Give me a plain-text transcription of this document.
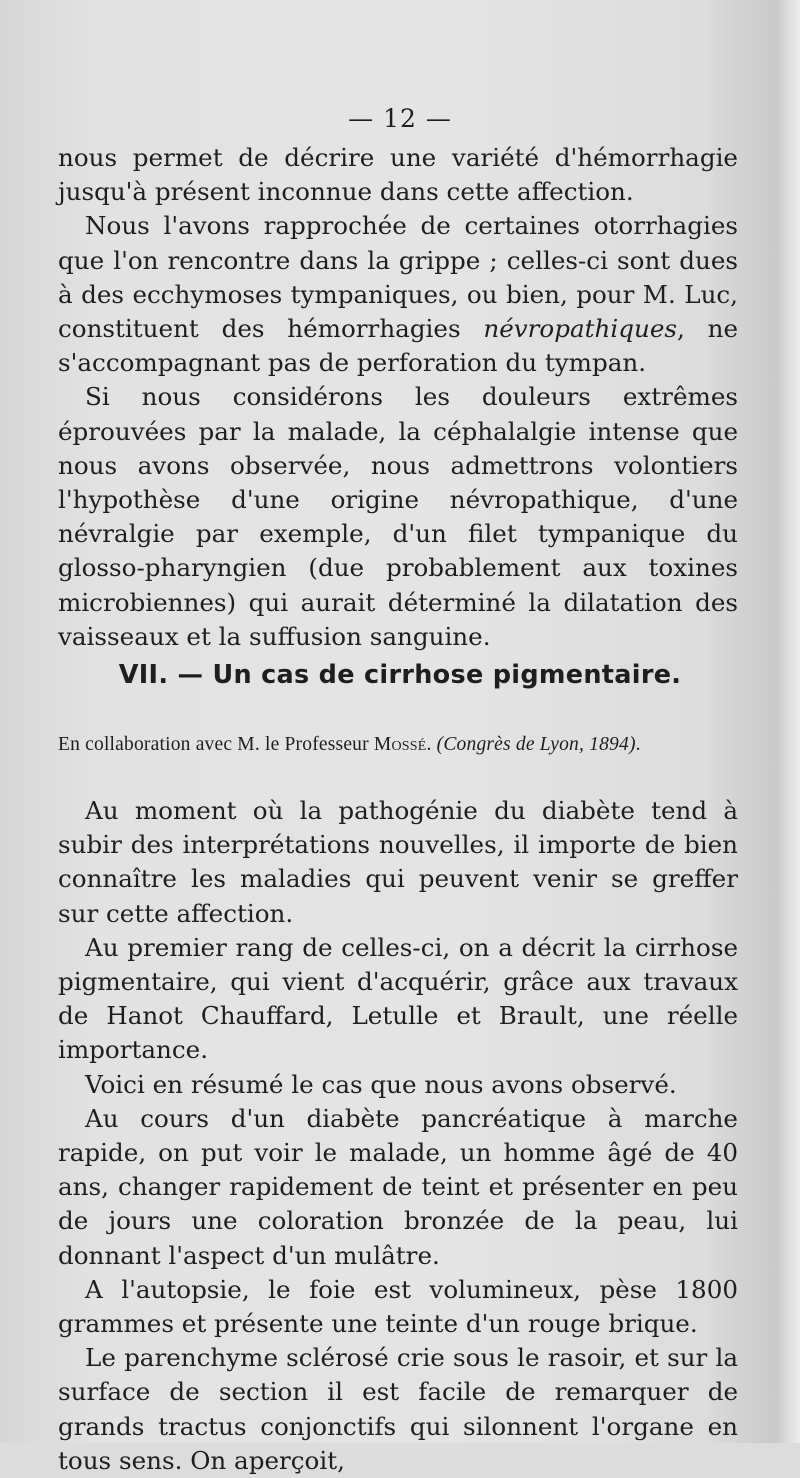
— 12 —

nous permet de décrire une variété d'hémorrhagie jusqu'à présent inconnue dans cette affection.

Nous l'avons rapprochée de certaines otorrhagies que l'on rencontre dans la grippe ; celles-ci sont dues à des ecchymoses tympaniques, ou bien, pour M. Luc, constituent des hémorrhagies névropathiques, ne s'accompagnant pas de perforation du tympan.

Si nous considérons les douleurs extrêmes éprouvées par la malade, la céphalalgie intense que nous avons observée, nous admettrons volontiers l'hypothèse d'une origine névropathique, d'une névralgie par exemple, d'un filet tympanique du glosso-pharyngien (due probablement aux toxines microbiennes) qui aurait déterminé la dilatation des vaisseaux et la suffusion sanguine.

VII. — Un cas de cirrhose pigmentaire.
En collaboration avec M. le Professeur Mossé. (Congrès de Lyon, 1894).

Au moment où la pathogénie du diabète tend à subir des interprétations nouvelles, il importe de bien connaître les maladies qui peuvent venir se greffer sur cette affection.

Au premier rang de celles-ci, on a décrit la cirrhose pigmentaire, qui vient d'acquérir, grâce aux travaux de Hanot Chauffard, Letulle et Brault, une réelle importance.

Voici en résumé le cas que nous avons observé.

Au cours d'un diabète pancréatique à marche rapide, on put voir le malade, un homme âgé de 40 ans, changer rapidement de teint et présenter en peu de jours une coloration bronzée de la peau, lui donnant l'aspect d'un mulâtre.

A l'autopsie, le foie est volumineux, pèse 1800 grammes et présente une teinte d'un rouge brique.

Le parenchyme sclérosé crie sous le rasoir, et sur la surface de section il est facile de remarquer de grands tractus conjonctifs qui silonnent l'organe en tous sens. On aperçoit,
